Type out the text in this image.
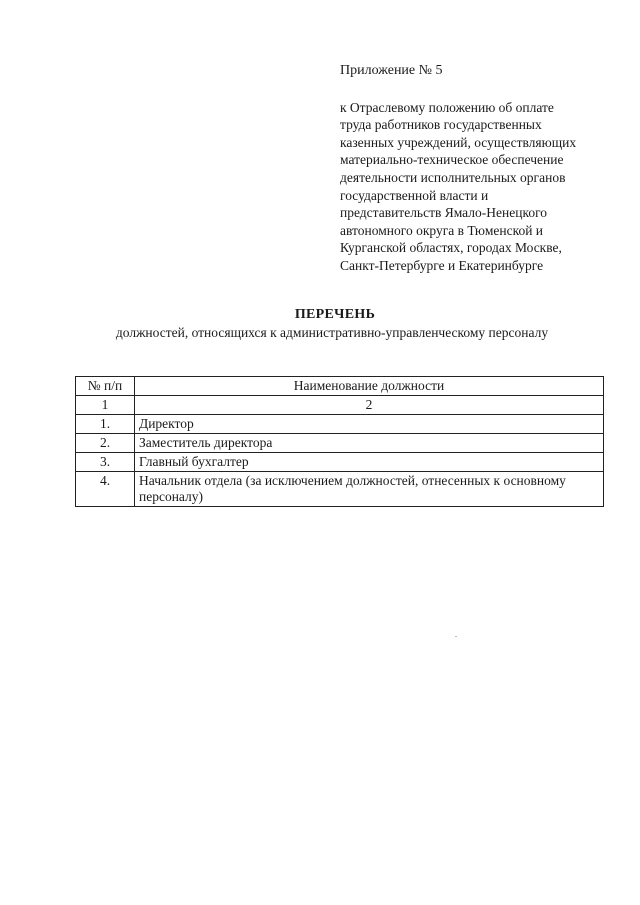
Приложение № 5
к Отраслевому положению об оплате
труда работников государственных
казенных учреждений, осуществляющих
материально-техническое обеспечение
деятельности исполнительных органов
государственной власти и
представительств Ямало-Ненецкого
автономного округа в Тюменской и
Курганской областях, городах Москве,
Санкт-Петербурге и Екатеринбурге
ПЕРЕЧЕНЬ
должностей, относящихся к административно-управленческому персоналу
№ п/п	Наименование должности
1	2
1.	Директор
2.	Заместитель директора
3.	Главный бухгалтер
4.	Начальник отдела (за исключением должностей, отнесенных к основному персоналу)
